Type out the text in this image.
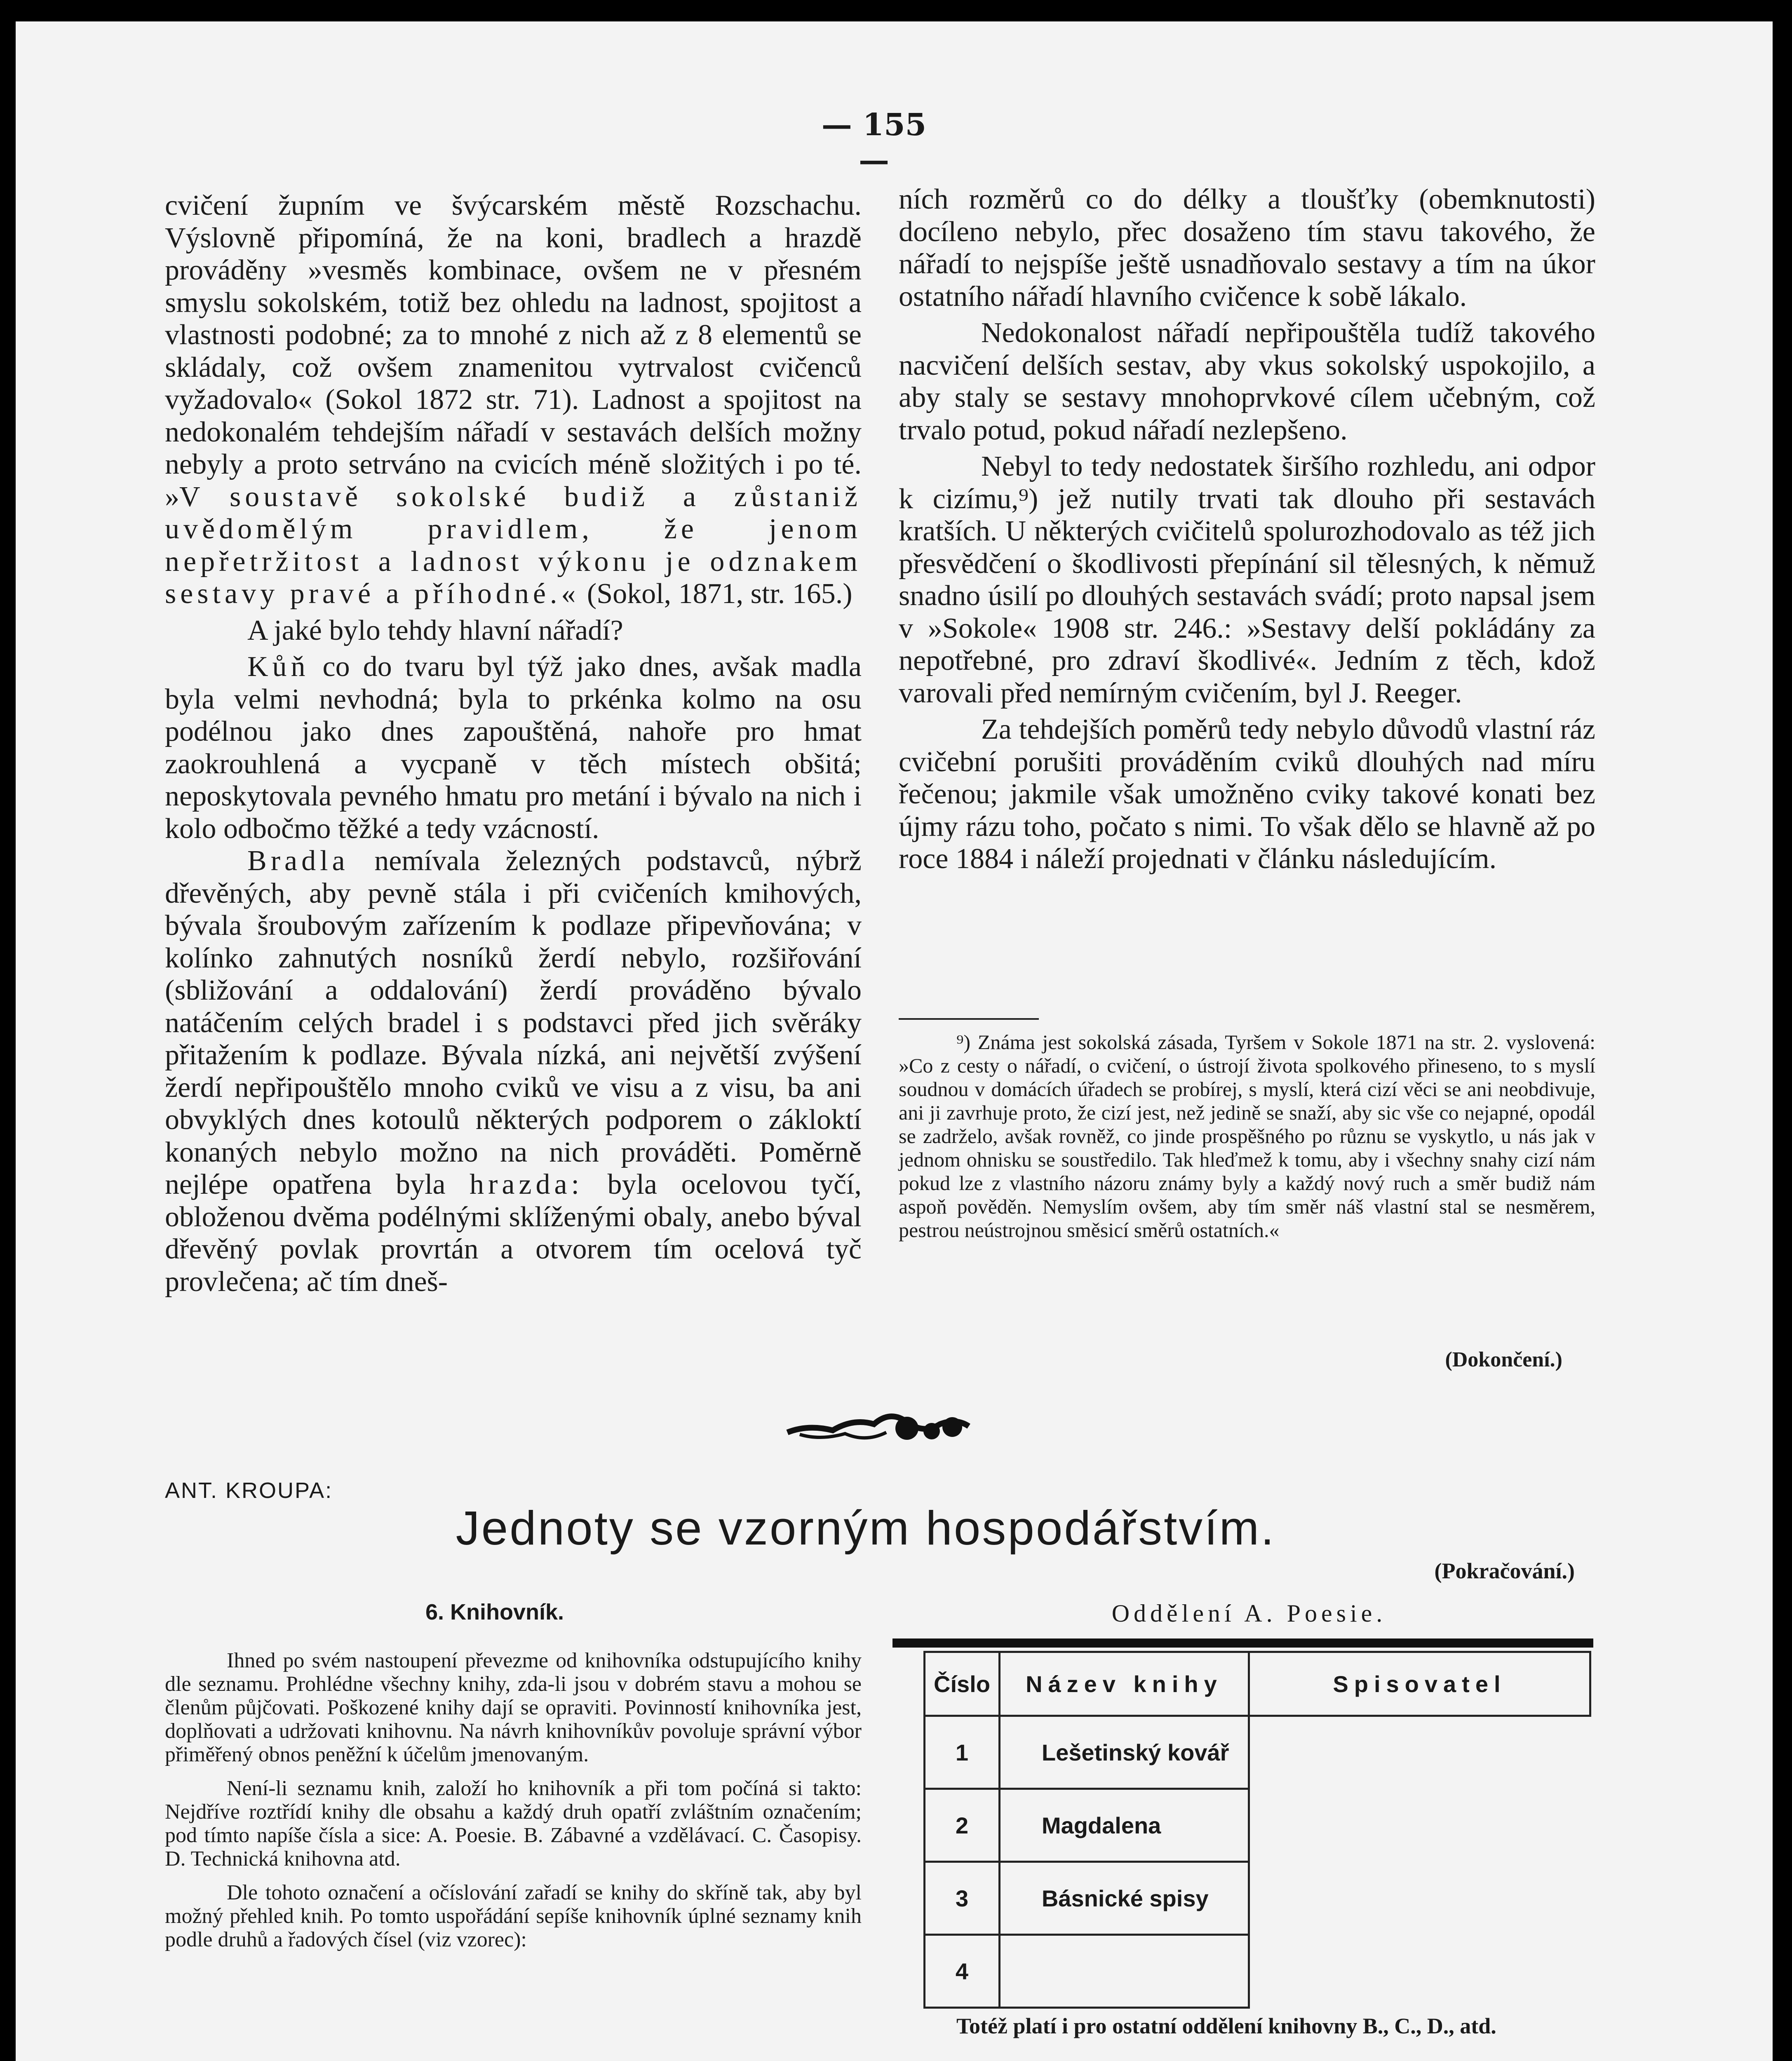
— 155 —

cvičení župním ve švýcarském městě Rozschachu. Výslovně připomíná, že na koni, bradlech a hrazdě prováděny »vesměs kombinace, ovšem ne v přesném smyslu sokolském, totiž bez ohledu na ladnost, spojitost a vlastnosti podobné; za to mnohé z nich až z 8 elementů se skládaly, což ovšem znamenitou vytrvalost cvičenců vyžadovalo« (Sokol 1872 str. 71). Ladnost a spojitost na nedokonalém tehdejším nářadí v sestavách delších možny nebyly a proto setrváno na cvicích méně složitých i po té. »V soustavě sokolské budiž a zůstaniž uvědomělým pravidlem, že jenom nepřetržitost a ladnost výkonu je odznakem sestavy pravé a příhodné.« (Sokol, 1871, str. 165.)

A jaké bylo tehdy hlavní nářadí?

Kůň co do tvaru byl týž jako dnes, avšak madla byla velmi nevhodná; byla to prkénka kolmo na osu podélnou jako dnes zapouštěná, nahoře pro hmat zaokrouhlená a vycpaně v těch místech obšitá; neposkytovala pevného hmatu pro metání i bývalo na nich i kolo odbočmo těžké a tedy vzácností.

Bradla nemívala železných podstavců, nýbrž dřevěných, aby pevně stála i při cvičeních kmihových, bývala šroubovým zařízením k podlaze připevňována; v kolínko zahnutých nosníků žerdí nebylo, rozšiřování (sbližování a oddalování) žerdí prováděno bývalo natáčením celých bradel i s podstavci před jich svěráky přitažením k podlaze. Bývala nízká, ani největší zvýšení žerdí nepřipouštělo mnoho cviků ve visu a z visu, ba ani obvyklých dnes kotoulů některých podporem o zákloktí konaných nebylo možno na nich prováděti. Poměrně nejlépe opatřena byla hrazda: byla ocelovou tyčí, obloženou dvěma podélnými sklíženými obaly, anebo býval dřevěný povlak provrtán a otvorem tím ocelová tyč provlečena; ač tím dneš-

ních rozměrů co do délky a tloušťky (obemknutosti) docíleno nebylo, přec dosaženo tím stavu takového, že nářadí to nejspíše ještě usnadňovalo sestavy a tím na úkor ostatního nářadí hlavního cvičence k sobě lákalo.

Nedokonalost nářadí nepřipouštěla tudíž takového nacvičení delších sestav, aby vkus sokolský uspokojilo, a aby staly se sestavy mnohoprvkové cílem učebným, což trvalo potud, pokud nářadí nezlepšeno.

Nebyl to tedy nedostatek širšího rozhledu, ani odpor k cizímu,⁹) jež nutily trvati tak dlouho při sestavách kratších. U některých cvičitelů spolurozhodovalo as též jich přesvědčení o škodlivosti přepínání sil tělesných, k němuž snadno úsilí po dlouhých sestavách svádí; proto napsal jsem v »Sokole« 1908 str. 246.: »Sestavy delší pokládány za nepotřebné, pro zdraví škodlivé«. Jedním z těch, kdož varovali před nemírným cvičením, byl J. Reeger.

Za tehdejších poměrů tedy nebylo důvodů vlastní ráz cvičební porušiti prováděním cviků dlouhých nad míru řečenou; jakmile však umožněno cviky takové konati bez újmy rázu toho, počato s nimi. To však dělo se hlavně až po roce 1884 i náleží projednati v článku následujícím.

⁹) Známa jest sokolská zásada, Tyršem v Sokole 1871 na str. 2. vyslovená: »Co z cesty o nářadí, o cvičení, o ústrojí života spolkového přineseno, to s myslí soudnou v domácích úřadech se probírej, s myslí, která cizí věci se ani neobdivuje, ani ji zavrhuje proto, že cizí jest, než jedině se snaží, aby sic vše co nejapné, opodál se zadrželo, avšak rovněž, co jinde prospěšného po různu se vyskytlo, u nás jak v jednom ohnisku se soustředilo. Tak hleďmež k tomu, aby i všechny snahy cizí nám pokud lze z vlastního názoru známy byly a každý nový ruch a směr budiž nám aspoň pověděn. Nemyslím ovšem, aby tím směr náš vlastní stal se nesměrem, pestrou neústrojnou směsicí směrů ostatních.«

(Dokončení.)
ANT. KROUPA:
Jednoty se vzorným hospodářstvím.
(Pokračování.)
6. Knihovník.

Ihned po svém nastoupení převezme od knihovníka odstupujícího knihy dle seznamu. Prohlédne všechny knihy, zda-li jsou v dobrém stavu a mohou se členům půjčovati. Poškozené knihy dají se opraviti. Povinností knihovníka jest, doplňovati a udržovati knihovnu. Na návrh knihovníkův povoluje správní výbor přiměřený obnos peněžní k účelům jmenovaným.

Není-li seznamu knih, založí ho knihovník a při tom počíná si takto: Nejdříve roztřídí knihy dle obsahu a každý druh opatří zvláštním označením; pod tímto napíše čísla a sice: A. Poesie. B. Zábavné a vzdělávací. C. Časopisy. D. Technická knihovna atd.

Dle tohoto označení a očíslování zařadí se knihy do skříně tak, aby byl možný přehled knih. Po tomto uspořádání sepíše knihovník úplné seznamy knih podle druhů a řadových čísel (viz vzorec):

Oddělení A. Poesie.
Číslo	Název knihy	Spisovatel
1	Lešetinský kovář	

2	Magdalena	

3	Básnické spisy	

4		
Totéž platí i pro ostatní oddělení knihovny B., C., D., atd.
